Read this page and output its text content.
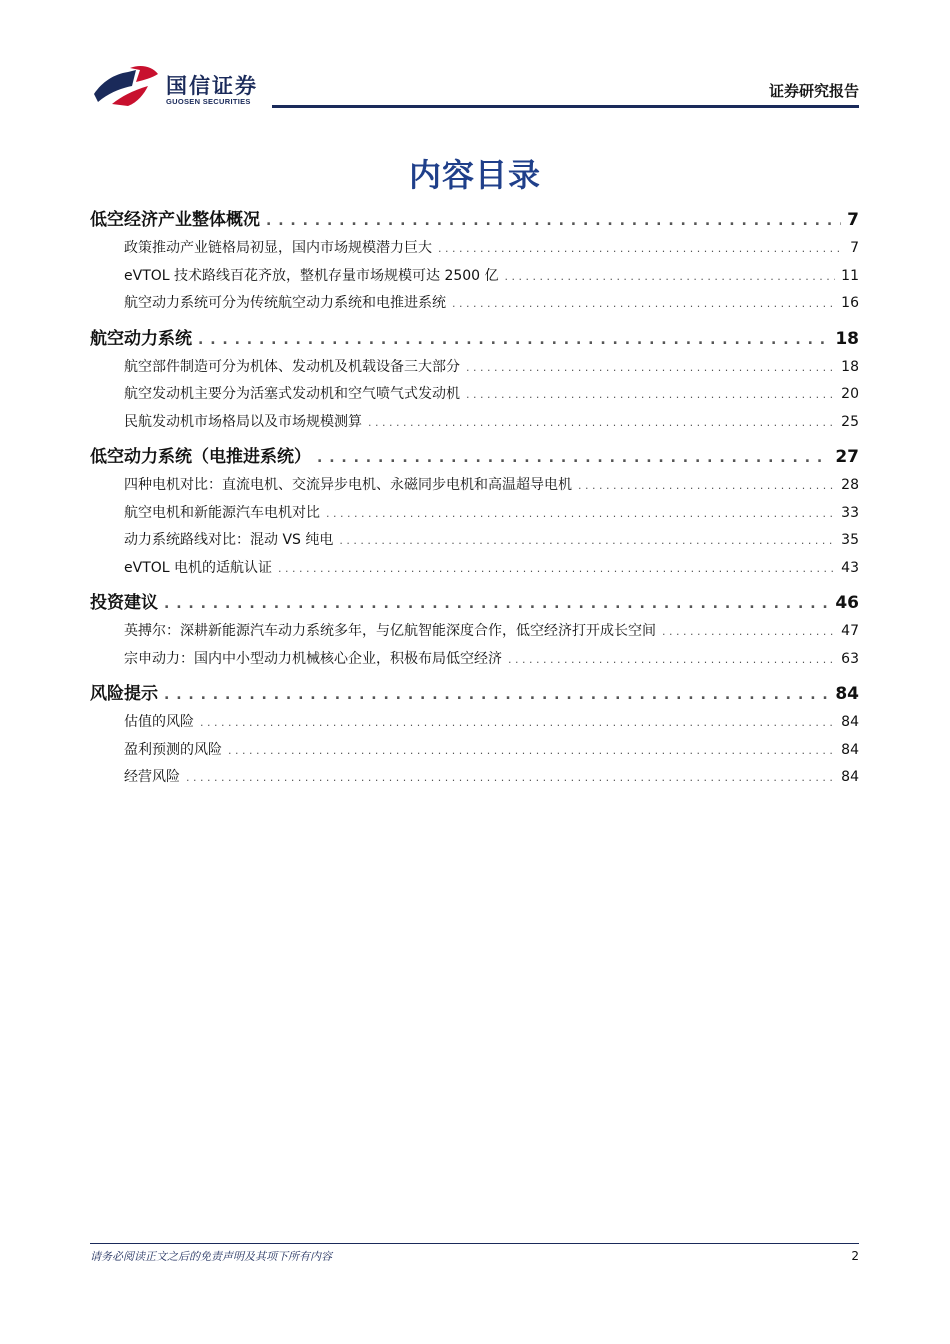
国信证券
GUOSEN SECURITIES
证券研究报告
内容目录
低空经济产业整体概况 . . .	7
政策推动产业链格局初显，国内市场规模潜力巨大 . . .	7
eVTOL 技术路线百花齐放，整机存量市场规模可达 2500 亿 . . .	11
航空动力系统可分为传统航空动力系统和电推进系统 . . .	16
航空动力系统 . . .	18
航空部件制造可分为机体、发动机及机载设备三大部分 . . .	18
航空发动机主要分为活塞式发动机和空气喷气式发动机 . . .	20
民航发动机市场格局以及市场规模测算 . . .	25
低空动力系统（电推进系统） . . .	27
四种电机对比：直流电机、交流异步电机、永磁同步电机和高温超导电机 . . .	28
航空电机和新能源汽车电机对比 . . .	33
动力系统路线对比：混动 VS 纯电 . . .	35
eVTOL 电机的适航认证 . . .	43
投资建议 . . .	46
英搏尔：深耕新能源汽车动力系统多年，与亿航智能深度合作，低空经济打开成长空间 . . .	47
宗申动力：国内中小型动力机械核心企业，积极布局低空经济 . . .	63
风险提示 . . .	84
估值的风险 . . .	84
盈利预测的风险 . . .	84
经营风险 . . .	84
请务必阅读正文之后的免责声明及其项下所有内容	2
